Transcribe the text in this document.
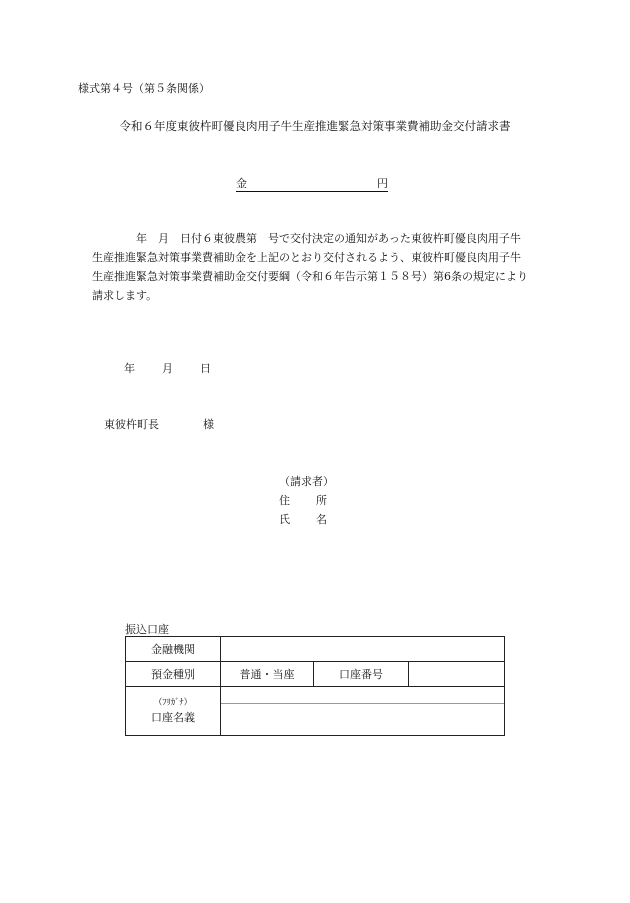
様式第４号（第５条関係）
令和６年度東彼杵町優良肉用子牛生産推進緊急対策事業費補助金交付請求書
金	円

　　　　年　月　日付６東彼農第　号で交付決定の通知があった東彼杵町優良肉用子牛

生産推進緊急対策事業費補助金を上記のとおり交付されるよう、東彼杵町優良肉用子牛

生産推進緊急対策事業費補助金交付要綱（令和６年告示第１５８号）第6条の規定により

請求します。

年 月 日
東彼杵町長	様
（請求者）
住所
氏名
振込口座
金融機関			
預金種別	普通・当座	口座番号	

（ﾌﾘｶﾞﾅ）
口座名義			
